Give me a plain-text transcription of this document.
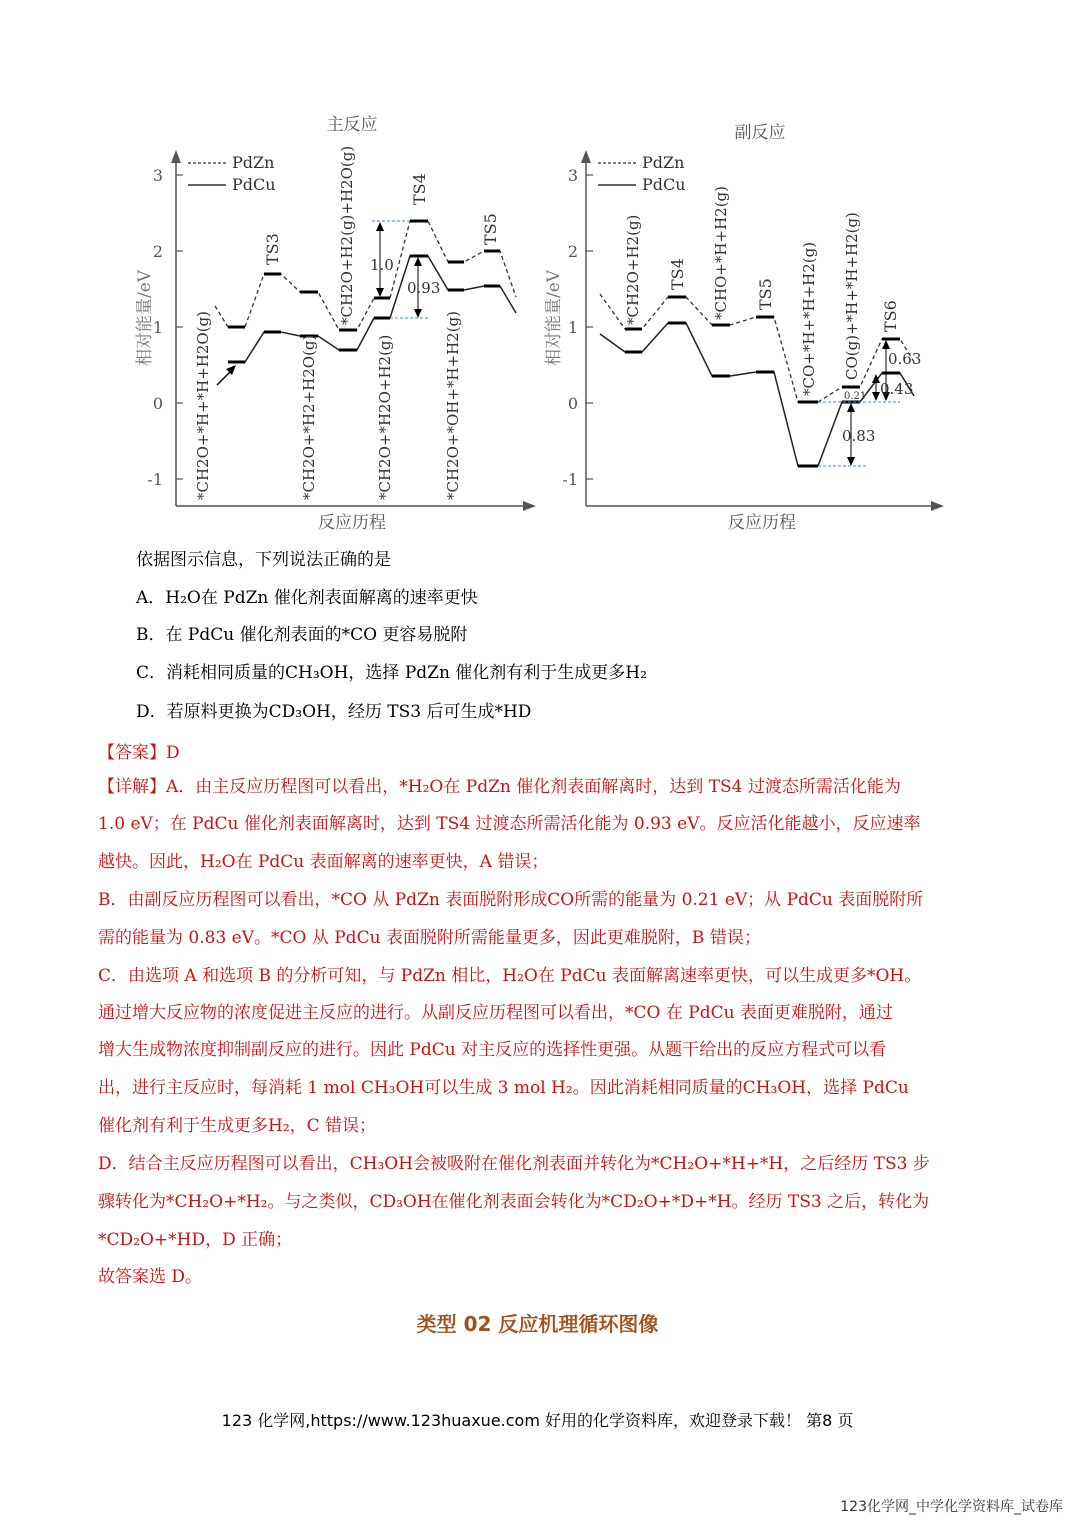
主反应
3
2
1
0
-1
相对能量/eV
反应历程
PdZn
PdCu
1.0
0.93
TS3
TS4
TS5
*CH2O+*H+*H+H2O(g)	*CH2O+*H2+H2O(g)
*CH2O+H2(g)+H2O(g)
*CH2O+*H2O+H2(g)	*CH2O+*OH+*H+H2(g)
副反应
3
2
1
0
-1
相对能量/eV
反应历程
PdZn
PdCu
0.83
0.21
0.63
0.43
TS4
TS5
TS6
*CH2O+H2(g)	*CHO+*H+H2(g)	*CO+*H+*H+H2(g) CO(g)+*H+*H+H2(g)
依据图示信息，下列说法正确的是
A．H₂O在 PdZn 催化剂表面解离的速率更快
B．在 PdCu 催化剂表面的*CO 更容易脱附
C．消耗相同质量的CH₃OH，选择 PdZn 催化剂有利于生成更多H₂
D．若原料更换为CD₃OH，经历 TS3 后可生成*HD
【答案】D
【详解】A．由主反应历程图可以看出，*H₂O在 PdZn 催化剂表面解离时，达到 TS4 过渡态所需活化能为
1.0 eV；在 PdCu 催化剂表面解离时，达到 TS4 过渡态所需活化能为 0.93 eV。反应活化能越小，反应速率
越快。因此，H₂O在 PdCu 表面解离的速率更快，A 错误；
B．由副反应历程图可以看出，*CO 从 PdZn 表面脱附形成CO所需的能量为 0.21 eV；从 PdCu 表面脱附所
需的能量为 0.83 eV。*CO 从 PdCu 表面脱附所需能量更多，因此更难脱附，B 错误；
C．由选项 A 和选项 B 的分析可知，与 PdZn 相比，H₂O在 PdCu 表面解离速率更快，可以生成更多*OH。
通过增大反应物的浓度促进主反应的进行。从副反应历程图可以看出，*CO 在 PdCu 表面更难脱附，通过
增大生成物浓度抑制副反应的进行。因此 PdCu 对主反应的选择性更强。从题干给出的反应方程式可以看
出，进行主反应时，每消耗 1 mol CH₃OH可以生成 3 mol H₂。因此消耗相同质量的CH₃OH，选择 PdCu
催化剂有利于生成更多H₂，C 错误；
D．结合主反应历程图可以看出，CH₃OH会被吸附在催化剂表面并转化为*CH₂O+*H+*H，之后经历 TS3 步
骤转化为*CH₂O+*H₂。与之类似，CD₃OH在催化剂表面会转化为*CD₂O+*D+*H。经历 TS3 之后，转化为
*CD₂O+*HD，D 正确；
故答案选 D。
类型 02 反应机理循环图像
123 化学网,https://www.123huaxue.com 好用的化学资料库，欢迎登录下载！ 第8 页
123化学网_中学化学资料库_试卷库
